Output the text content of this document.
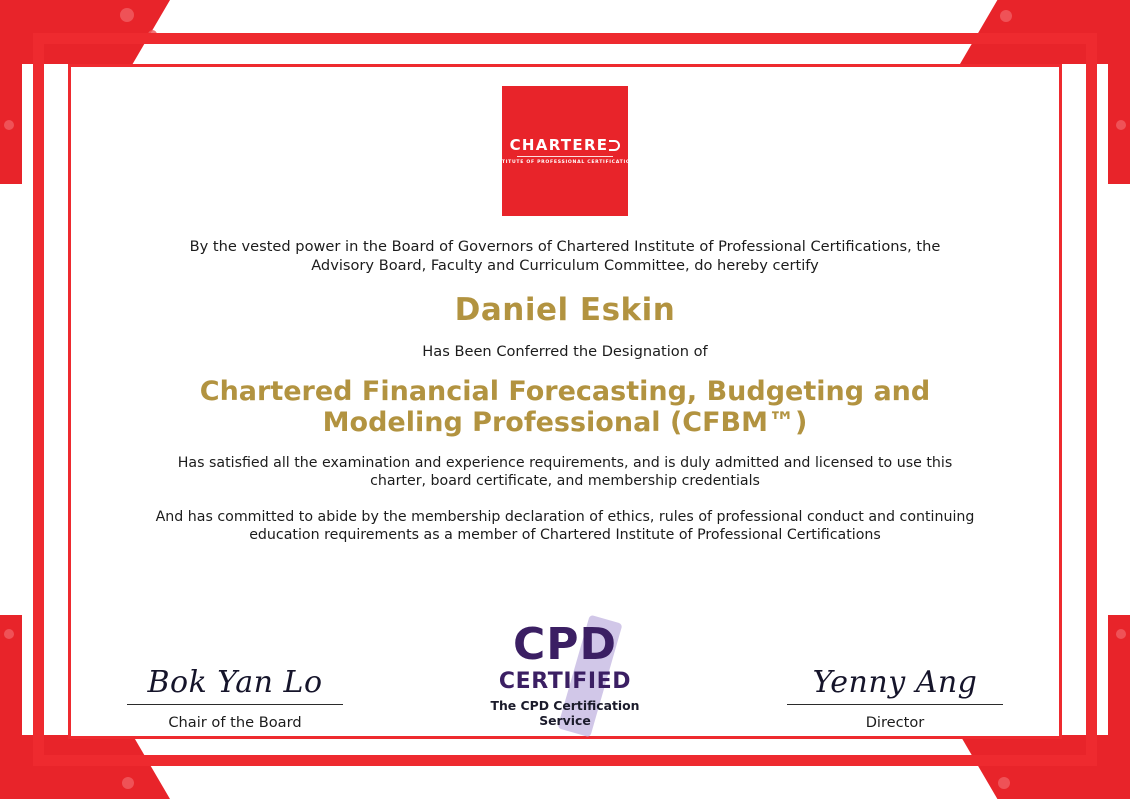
CHARTERE
INSTITUTE OF PROFESSIONAL CERTIFICATIONS
By the vested power in the Board of Governors of Chartered Institute of Professional Certifications, the Advisory Board, Faculty and Curriculum Committee, do hereby certify
Daniel Eskin
Has Been Conferred the Designation of
Chartered Financial Forecasting, Budgeting and Modeling Professional (CFBM™)
Has satisfied all the examination and experience requirements, and is duly admitted and licensed to use this charter, board certificate, and membership credentials
And has committed to abide by the membership declaration of ethics, rules of professional conduct and continuing education requirements as a member of Chartered Institute of Professional Certifications
Bok Yan Lo
Chair of the Board
CPD
CERTIFIED
The CPD Certification Service
Yenny Ang
Director
